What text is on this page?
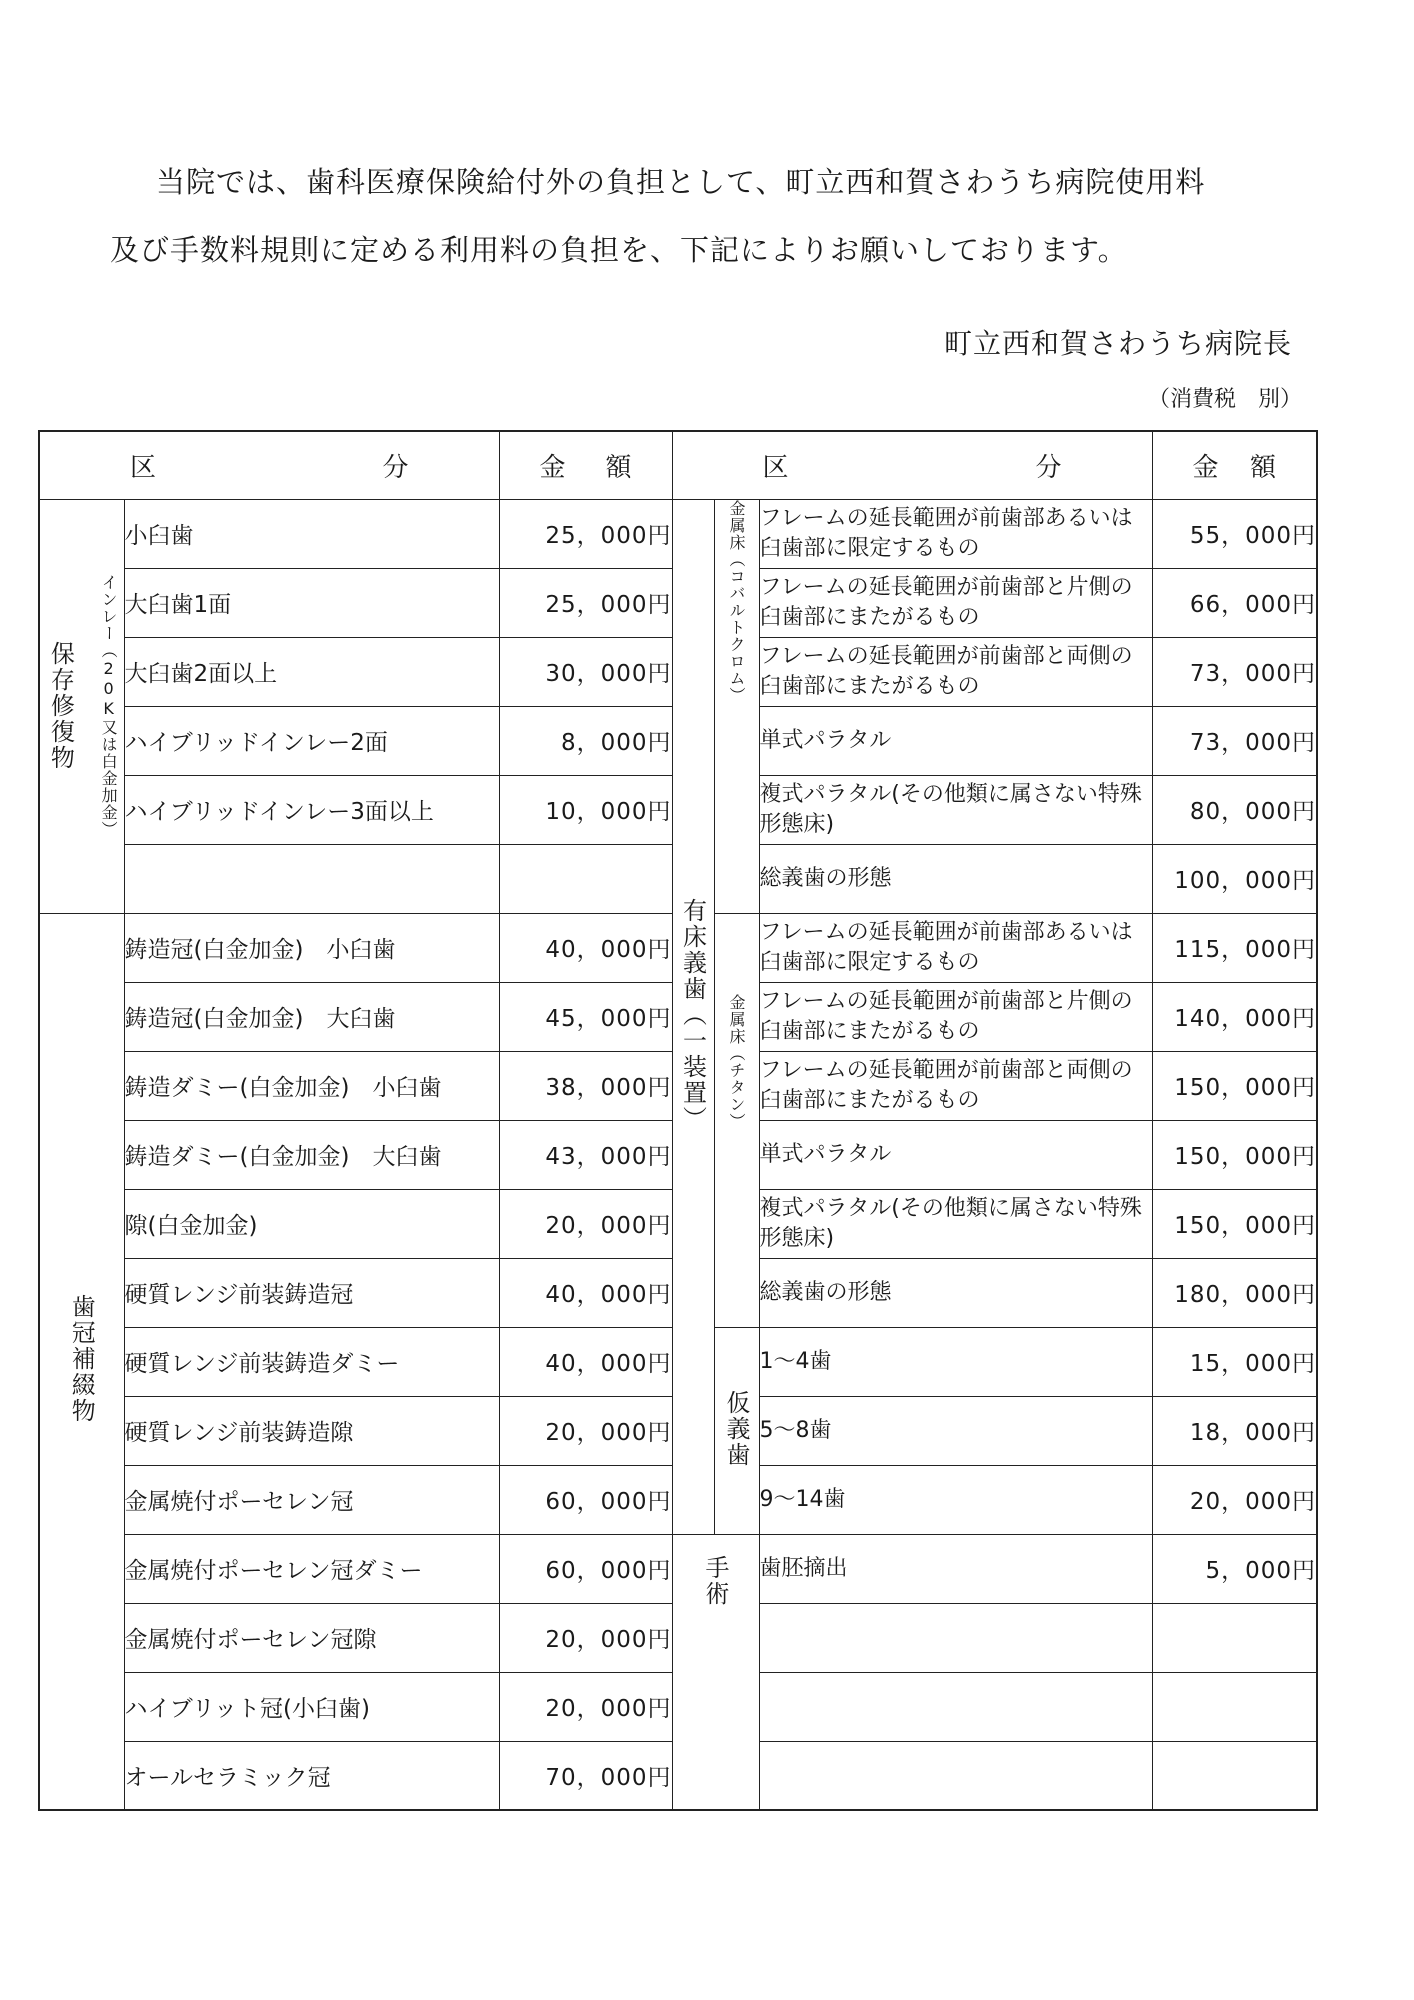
当院では、歯科医療保険給付外の負担として、町立西和賀さわうち病院使用料

及び手数料規則に定める利用料の負担を、下記によりお願いしております。

町立西和賀さわうち病院長
（消費税　別）
区 分		金 額	区 分			金 額

インレー（20K又は白金加金）
保存修復物	小臼歯	25，000円	有床義歯（一装置）	金属床（コバルトクロム）	フレームの延長範囲が前歯部あるいは臼歯部に限定するもの	55，000円
	大臼歯1面	25，000円			フレームの延長範囲が前歯部と片側の臼歯部にまたがるもの	66，000円
	大臼歯2面以上	30，000円			フレームの延長範囲が前歯部と両側の臼歯部にまたがるもの	73，000円
	ハイブリッドインレー2面	8，000円			単式パラタル	73，000円
	ハイブリッドインレー3面以上	10，000円			複式パラタル(その他類に属さない特殊形態床)	80，000円
					総義歯の形態	100，000円
歯冠補綴物	鋳造冠(白金加金)　小臼歯	40，000円		金属床（チタン）	フレームの延長範囲が前歯部あるいは臼歯部に限定するもの	115，000円
	鋳造冠(白金加金)　大臼歯	45，000円			フレームの延長範囲が前歯部と片側の臼歯部にまたがるもの	140，000円
	鋳造ダミー(白金加金)　小臼歯	38，000円			フレームの延長範囲が前歯部と両側の臼歯部にまたがるもの	150，000円
	鋳造ダミー(白金加金)　大臼歯	43，000円			単式パラタル	150，000円
	隙(白金加金)	20，000円			複式パラタル(その他類に属さない特殊形態床)	150，000円
	硬質レンジ前装鋳造冠	40，000円			総義歯の形態	180，000円
	硬質レンジ前装鋳造ダミー	40，000円		仮義歯	1～4歯	15，000円
	硬質レンジ前装鋳造隙	20，000円			5～8歯	18，000円
	金属焼付ポーセレン冠	60，000円			9～14歯	20，000円
	金属焼付ポーセレン冠ダミー	60，000円	手術		歯胚摘出	5，000円
	金属焼付ポーセレン冠隙	20，000円				
	ハイブリット冠(小臼歯)	20，000円				
	オールセラミック冠	70，000円				
